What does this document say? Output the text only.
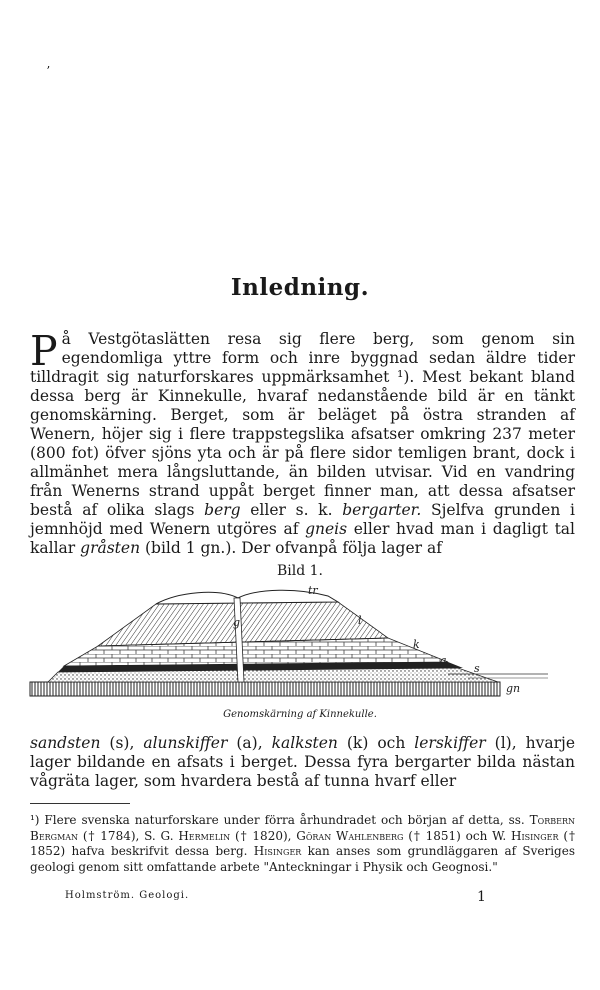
ʼ
Inledning.
På Vestgötaslätten resa sig flere berg, som genom sin egendomliga yttre form och inre byggnad sedan äldre tider tilldragit sig naturforskares uppmärksamhet ¹). Mest bekant bland dessa berg är Kinnekulle, hvaraf nedanstående bild är en tänkt genomskärning. Berget, som är beläget på östra stranden af Wenern, höjer sig i flere trappstegslika afsatser omkring 237 meter (800 fot) öfver sjöns yta och är på flere sidor temligen brant, dock i allmänhet mera långsluttande, än bilden utvisar. Vid en vandring från Wenerns strand uppåt berget finner man, att dessa afsatser bestå af olika slags berg eller s. k. bergarter. Sjelfva grunden i jemnhöjd med Wenern utgöres af gneis eller hvad man i dagligt tal kallar gråsten (bild 1 gn.). Der ofvanpå följa lager af
Bild 1.
tr
g	l
k
a
s
gn
Genomskärning af Kinnekulle.
sandsten (s), alunskiffer (a), kalksten (k) och lerskiffer (l), hvarje lager bildande en afsats i berget. Dessa fyra bergarter bilda nästan vågräta lager, som hvardera bestå af tunna hvarf eller
¹) Flere svenska naturforskare under förra århundradet och början af detta, ss. Torbern Bergman († 1784), S. G. Hermelin († 1820), Göran Wahlenberg († 1851) och W. Hisinger († 1852) hafva beskrifvit dessa berg. Hisinger kan anses som grundläggaren af Sveriges geologi genom sitt omfattande arbete "Anteckningar i Physik och Geognosi."
Holmström. Geologi.	1
